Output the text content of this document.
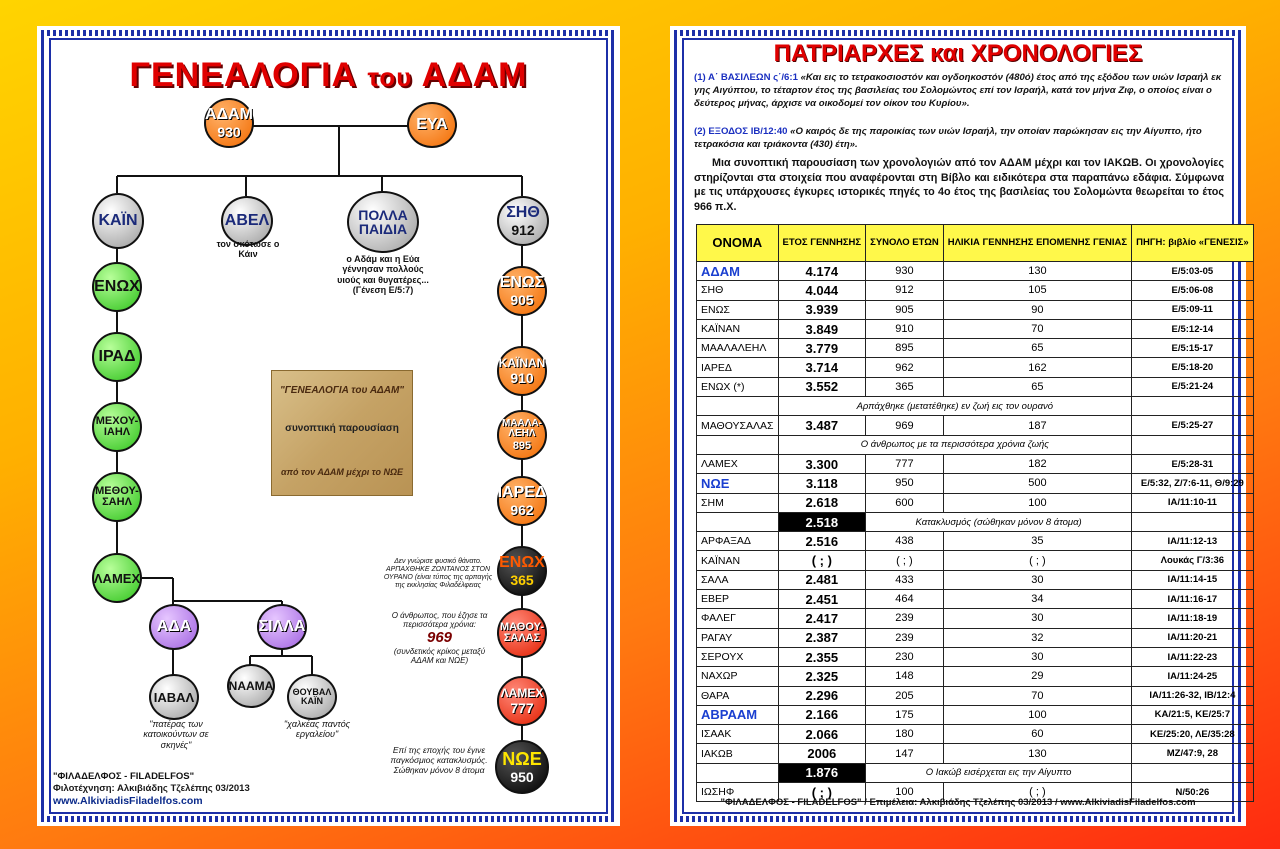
ΓΕΝΕΑΛΟΓΙΑ του ΑΔΑΜ
ΑΔΑΜ
930	ΕΥΑ
ΚΑΪΝ	ΑΒΕΛ
τον σκότωσε ο Κάιν
ΠΟΛΛΑ ΠΑΙΔΙΑ
ο Αδάμ και η Εύα γέννησαν πολλούς υιούς και θυγατέρες... (Γένεση Ε/5:7)
ΣΗΘ
912
ΕΝΩΧ
ΙΡΑΔ
ΜΕΧΟΥ-ΙΑΗΛ
ΜΕΘΟΥ-ΣΑΗΛ
ΛΑΜΕΧ
ΑΔΑ	ΣΙΛΛΑ
ΙΑΒΑΛ
"πατέρας των κατοικούντων σε σκηνές"
ΝΑΑΜΑ	ΘΟΥΒΑΛ ΚΑΪΝ
"χαλκέας παντός εργαλείου"
"ΓΕΝΕΑΛΟΓΙΑ του ΑΔΑΜ"
συνοπτική παρουσίαση
από τον ΑΔΑΜ μέχρι το ΝΩΕ
ΕΝΩΣ
905
ΚΑΪΝΑΝ
910
ΜΑΑΛΑ-ΛΕΗΛ
895
ΙΑΡΕΔ
962
ΕΝΩΧ
365
Δεν γνώρισε φυσικό θάνατο. ΑΡΠΑΧΘΗΚΕ ΖΩΝΤΑΝΟΣ ΣΤΟΝ ΟΥΡΑΝΟ (είναι τύπος της αρπαγής της εκκλησίας Φιλαδέλφειας
ΜΑΘΟΥ-ΣΑΛΑΣ
Ο άνθρωπος, που έζησε τα περισσότερα χρόνια:
969
(συνδετικός κρίκος μεταξύ ΑΔΑΜ και ΝΩΕ)
ΛΑΜΕΧ
777
ΝΩΕ
950
Επί της εποχής του έγινε παγκόσμιος κατακλυσμός. Σώθηκαν μόνον 8 άτομα
"ΦΙΛΑΔΕΛΦΟΣ - FILADELFOS"
Φιλοτέχνηση: Αλκιβιάδης Τζελέπης 03/2013
www.AlkiviadisFiladelfos.com
ΠΑΤΡΙΑΡΧΕΣ και ΧΡΟΝΟΛΟΓΙΕΣ
(1) Α΄ ΒΑΣΙΛΕΩΝ ς΄/6:1 «Και εις το τετρακοσιοστόν και ογδοηκοστόν (480ό) έτος από της εξόδου των υιών Ισραήλ εκ γης Αιγύπτου, το τέταρτον έτος της βασιλείας του Σολομώντος επί τον Ισραήλ, κατά τον μήνα Ζιφ, ο οποίος είναι ο δεύτερος μήνας, άρχισε να οικοδομεί τον οίκον του Κυρίου».
(2) ΕΞΟΔΟΣ ΙΒ/12:40 «Ο καιρός δε της παροικίας των υιών Ισραήλ, την οποίαν παρώκησαν εις την Αίγυπτο, ήτο τετρακόσια και τριάκοντα (430) έτη».
Μια συνοπτική παρουσίαση των χρονολογιών από τον ΑΔΑΜ μέχρι και τον ΙΑΚΩΒ. Οι χρονολογίες στηρίζονται στα στοιχεία που αναφέρονται στη Βίβλο και ειδικότερα στα παραπάνω εδάφια. Σύμφωνα με τις υπάρχουσες έγκυρες ιστορικές πηγές το 4ο έτος της βασιλείας του Σολομώντα θεωρείται το έτος 966 π.Χ.
ΟΝΟΜΑ	ΕΤΟΣ ΓΕΝΝΗΣΗΣ	ΣΥΝΟΛΟ ΕΤΩΝ	ΗΛΙΚΙΑ ΓΕΝΝΗΣΗΣ ΕΠΟΜΕΝΗΣ ΓΕΝΙΑΣ	ΠΗΓΗ: βιβλίο «ΓΕΝΕΣΙΣ»
ΑΔΑΜ	4.174	930	130	Ε/5:03-05
ΣΗΘ	4.044	912	105	Ε/5:06-08
ΕΝΩΣ	3.939	905	90	Ε/5:09-11
ΚΑΪΝΑΝ	3.849	910	70	Ε/5:12-14
ΜΑΑΛΑΛΕΗΛ	3.779	895	65	Ε/5:15-17
ΙΑΡΕΔ	3.714	962	162	Ε/5:18-20
ΕΝΩΧ (*)	3.552	365	65	Ε/5:21-24
	Αρπάχθηκε (μετατέθηκε) εν ζωή εις τον ουρανό			
ΜΑΘΟΥΣΑΛΑΣ	3.487	969	187	Ε/5:25-27
	Ο άνθρωπος με τα περισσότερα χρόνια ζωής			
ΛΑΜΕΧ	3.300	777	182	Ε/5:28-31
ΝΩΕ	3.118	950	500	Ε/5:32, Ζ/7:6-11, Θ/9:29
ΣΗΜ	2.618	600	100	ΙΑ/11:10-11
	2.518	Κατακλυσμός (σώθηκαν μόνον 8 άτομα)		
ΑΡΦΑΞΑΔ	2.516	438	35	ΙΑ/11:12-13
ΚΑΪΝΑΝ	( ; )	( ; )	( ; )	Λουκάς Γ/3:36
ΣΑΛΑ	2.481	433	30	ΙΑ/11:14-15
ΕΒΕΡ	2.451	464	34	ΙΑ/11:16-17
ΦΑΛΕΓ	2.417	239	30	ΙΑ/11:18-19
ΡΑΓΑΥ	2.387	239	32	ΙΑ/11:20-21
ΣΕΡΟΥΧ	2.355	230	30	ΙΑ/11:22-23
ΝΑΧΩΡ	2.325	148	29	ΙΑ/11:24-25
ΘΑΡΑ	2.296	205	70	ΙΑ/11:26-32, ΙΒ/12:4
ΑΒΡΑΑΜ	2.166	175	100	ΚΑ/21:5, ΚΕ/25:7
ΙΣΑΑΚ	2.066	180	60	ΚΕ/25:20, ΛΕ/35:28
ΙΑΚΩΒ	2006	147	130	ΜΖ/47:9, 28
	1.876	Ο Ιακώβ εισέρχεται εις την Αίγυπτο		
ΙΩΣΗΦ	( ; )	100	( ; )	Ν/50:26
"ΦΙΛΑΔΕΛΦΟΣ - FILADELFOS" / Επιμέλεια: Αλκιβιάδης Τζελέπης 03/2013 / www.AlkiviadisFiladelfos.com
